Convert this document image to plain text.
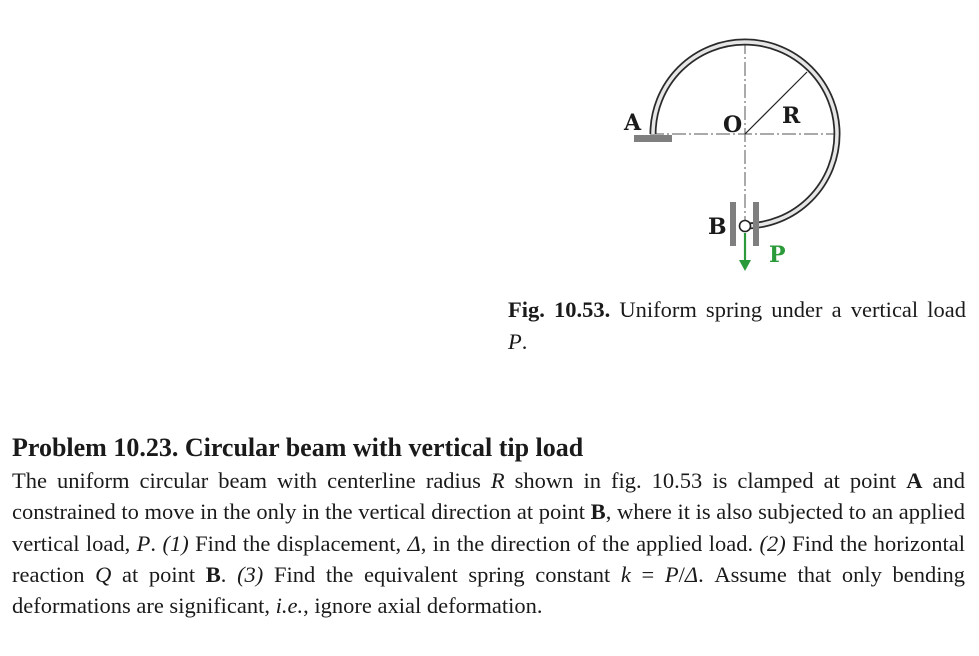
A	O R
B
P
Fig. 10.53. Uniform spring under a vertical load P.

Problem 10.23. Circular beam with vertical tip load

The uniform circular beam with centerline radius R shown in fig. 10.53 is clamped at point A and constrained to move in the only in the vertical direction at point B, where it is also subjected to an applied vertical load, P. (1) Find the displacement, Δ, in the direction of the applied load. (2) Find the horizontal reaction Q at point B. (3) Find the equivalent spring constant k = P/Δ. Assume that only bending deformations are significant, i.e., ignore axial deformation.
